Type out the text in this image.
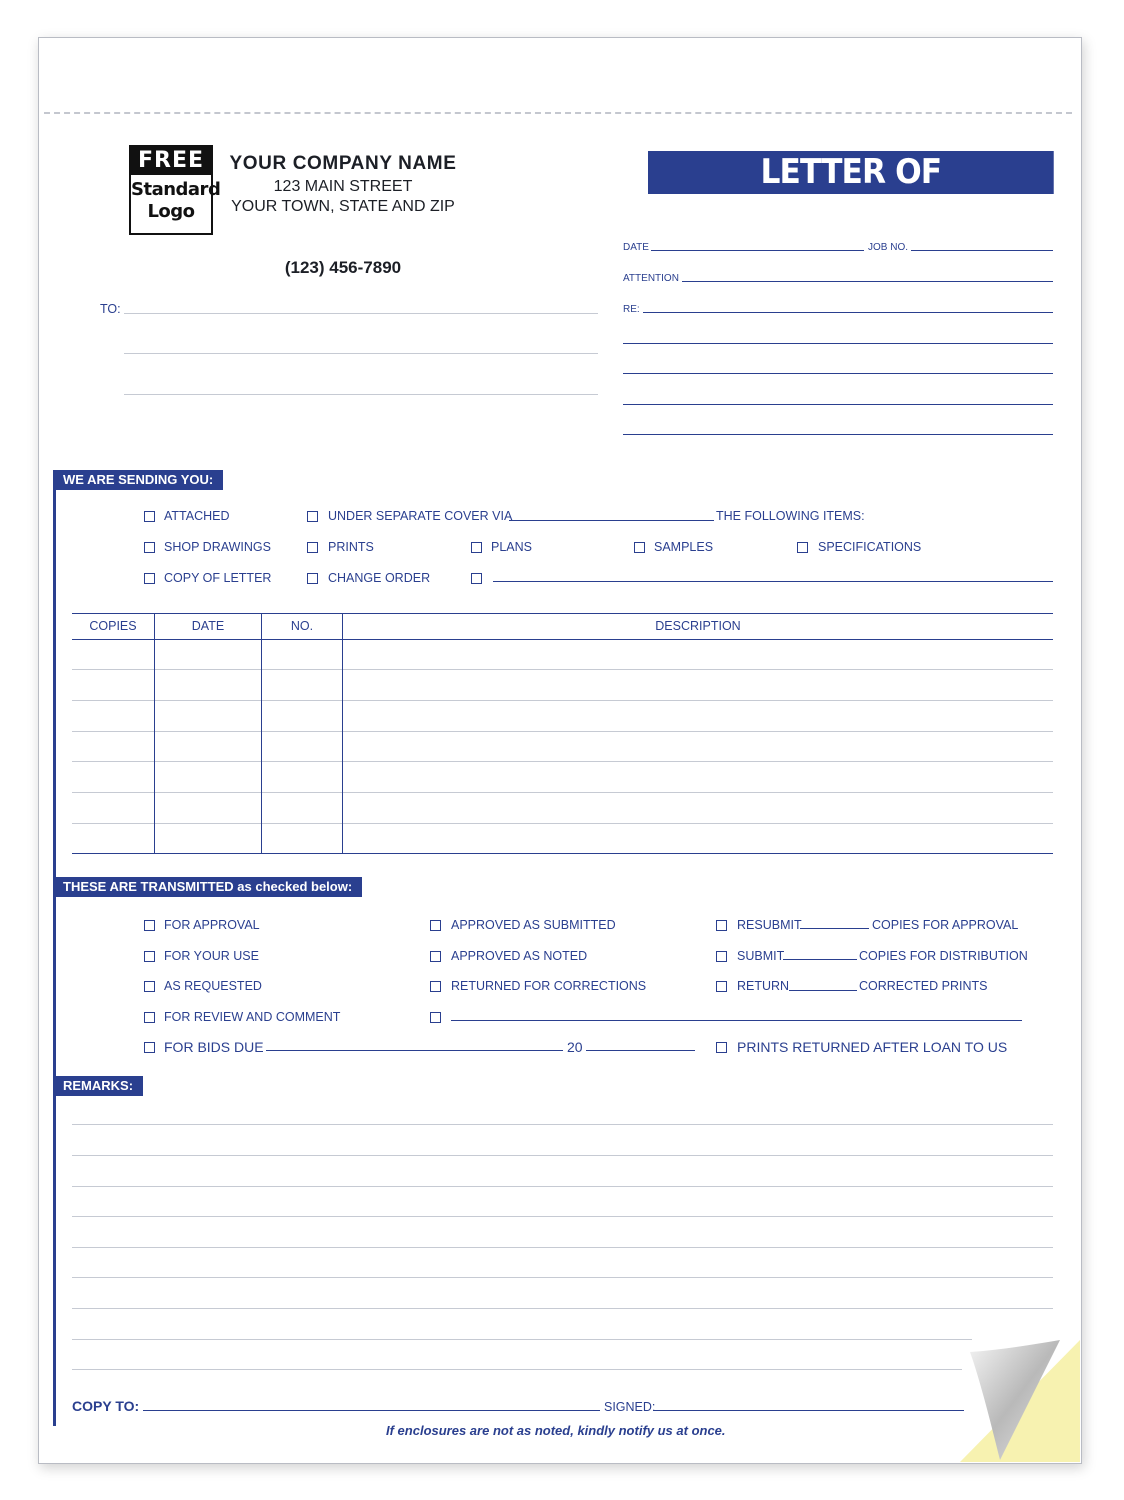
FREE
Standard
Logo
YOUR COMPANY NAME
123 MAIN STREET
YOUR TOWN, STATE AND ZIP
(123) 456-7890
LETTER OF TRANSMITTAL
DATE	JOB NO.
ATTENTION
RE:
TO:
WE ARE SENDING YOU:
ATTACHED	UNDER SEPARATE COVER VIA	THE FOLLOWING ITEMS:
SHOP DRAWINGS	PRINTS	PLANS	SAMPLES	SPECIFICATIONS
COPY OF LETTER	CHANGE ORDER
COPIES	DATE	NO.	DESCRIPTION
THESE ARE TRANSMITTED as checked below:
FOR APPROVAL
FOR YOUR USE
AS REQUESTED
FOR REVIEW AND COMMENT
FOR BIDS DUE	20
APPROVED AS SUBMITTED
APPROVED AS NOTED
RETURNED FOR CORRECTIONS
RESUBMIT	COPIES FOR APPROVAL
SUBMIT	COPIES FOR DISTRIBUTION
RETURN	CORRECTED PRINTS
PRINTS RETURNED AFTER LOAN TO US
REMARKS:
COPY TO:	SIGNED:
If enclosures are not as noted, kindly notify us at once.
